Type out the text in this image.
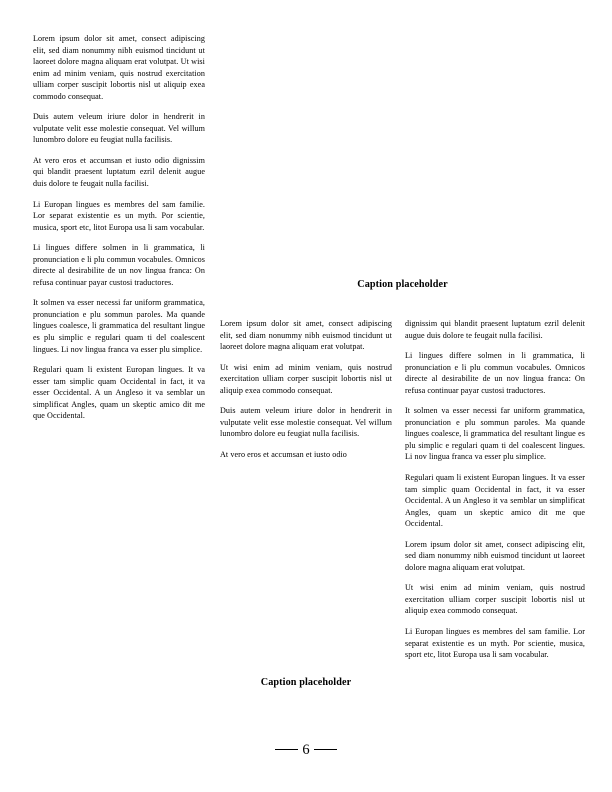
Lorem ipsum dolor sit amet, consect adipiscing elit, sed diam nonummy nibh euismod tincidunt ut laoreet dolore magna aliquam erat volutpat. Ut wisi enim ad minim veniam, quis nostrud exercitation ulliam corper suscipit lobortis nisl ut aliquip exea commodo consequat.

Duis autem veleum iriure dolor in hendrerit in vulputate velit esse molestie consequat. Vel willum lunombro dolore eu feugiat nulla facilisis.

At vero eros et accumsan et iusto odio dignissim qui blandit praesent luptatum ezril delenit augue duis dolore te feugait nulla facilisi.

Li Europan lingues es membres del sam familie. Lor separat existentie es un myth. Por scientie, musica, sport etc, litot Europa usa li sam vocabular.

Li lingues differe solmen in li grammatica, li pronunciation e li plu commun vocabules. Omnicos directe al desirabilite de un nov lingua franca: On refusa continuar payar custosi traductores.

It solmen va esser necessi far uniform grammatica, pronunciation e plu sommun paroles. Ma quande lingues coalesce, li grammatica del resultant lingue es plu simplic e regulari quam ti del coalescent lingues. Li nov lingua franca va esser plu simplice.

Regulari quam li existent Europan lingues. It va esser tam simplic quam Occidental in fact, it va esser Occidental. A un Angleso it va semblar un simplificat Angles, quam un skeptic amico dit me que Occidental.

Caption placeholder

Lorem ipsum dolor sit amet, consect adipiscing elit, sed diam nonummy nibh euismod tincidunt ut laoreet dolore magna aliquam erat volutpat.

Ut wisi enim ad minim veniam, quis nostrud exercitation ulliam corper suscipit lobortis nisl ut aliquip exea commodo consequat.

Duis autem veleum iriure dolor in hendrerit in vulputate velit esse molestie consequat. Vel willum lunombro dolore eu feugiat nulla facilisis.

At vero eros et accumsan et iusto odio

dignissim qui blandit praesent luptatum ezril delenit augue duis dolore te feugait nulla facilisi.

Li lingues differe solmen in li grammatica, li pronunciation e li plu commun vocabules. Omnicos directe al desirabilite de un nov lingua franca: On refusa continuar payar custosi traductores.

It solmen va esser necessi far uniform grammatica, pronunciation e plu sommun paroles. Ma quande lingues coalesce, li grammatica del resultant lingue es plu simplic e regulari quam ti del coalescent lingues. Li nov lingua franca va esser plu simplice.

Regulari quam li existent Europan lingues. It va esser tam simplic quam Occidental in fact, it va esser Occidental. A un Angleso it va semblar un simplificat Angles, quam un skeptic amico dit me que Occidental.

Lorem ipsum dolor sit amet, consect adipiscing elit, sed diam nonummy nibh euismod tincidunt ut laoreet dolore magna aliquam erat volutpat.

Ut wisi enim ad minim veniam, quis nostrud exercitation ulliam corper suscipit lobortis nisl ut aliquip exea commodo consequat.

Li Europan lingues es membres del sam familie. Lor separat existentie es un myth. Por scientie, musica, sport etc, litot Europa usa li sam vocabular.

Caption placeholder
6
